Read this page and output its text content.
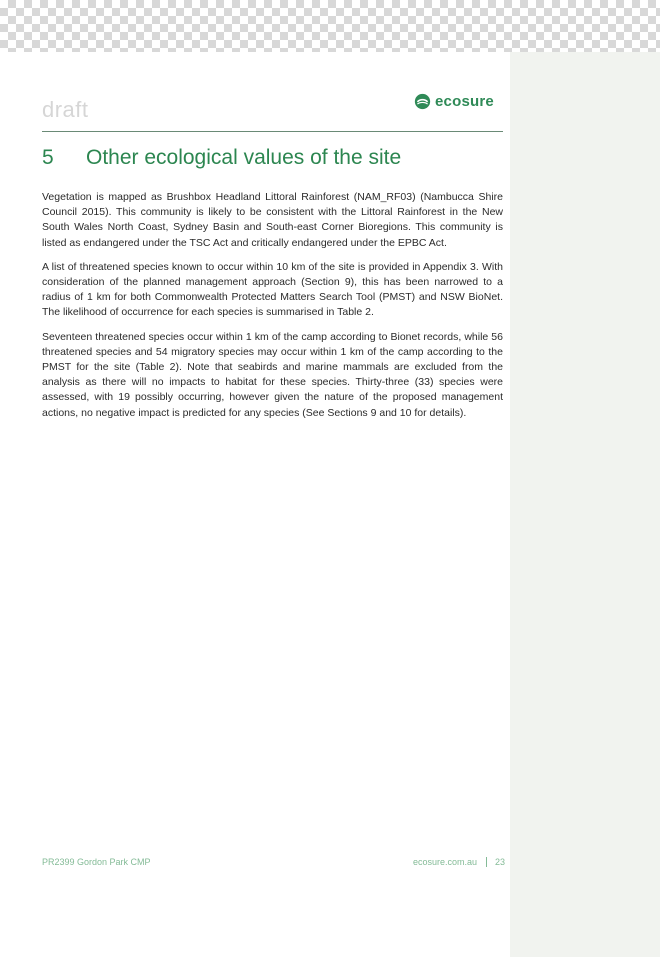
draft	ecosure
5	Other ecological values of the site

Vegetation is mapped as Brushbox Headland Littoral Rainforest (NAM_RF03) (Nambucca Shire Council 2015). This community is likely to be consistent with the Littoral Rainforest in the New South Wales North Coast, Sydney Basin and South-east Corner Bioregions. This community is listed as endangered under the TSC Act and critically endangered under the EPBC Act.

A list of threatened species known to occur within 10 km of the site is provided in Appendix 3. With consideration of the planned management approach (Section 9), this has been narrowed to a radius of 1 km for both Commonwealth Protected Matters Search Tool (PMST) and NSW BioNet. The likelihood of occurrence for each species is summarised in Table 2.

Seventeen threatened species occur within 1 km of the camp according to Bionet records, while 56 threatened species and 54 migratory species may occur within 1 km of the camp according to the PMST for the site (Table 2). Note that seabirds and marine mammals are excluded from the analysis as there will no impacts to habitat for these species. Thirty-three (33) species were assessed, with 19 possibly occurring, however given the nature of the proposed management actions, no negative impact is predicted for any species (See Sections 9 and 10 for details).

PR2399 Gordon Park CMP	ecosure.com.au 23
